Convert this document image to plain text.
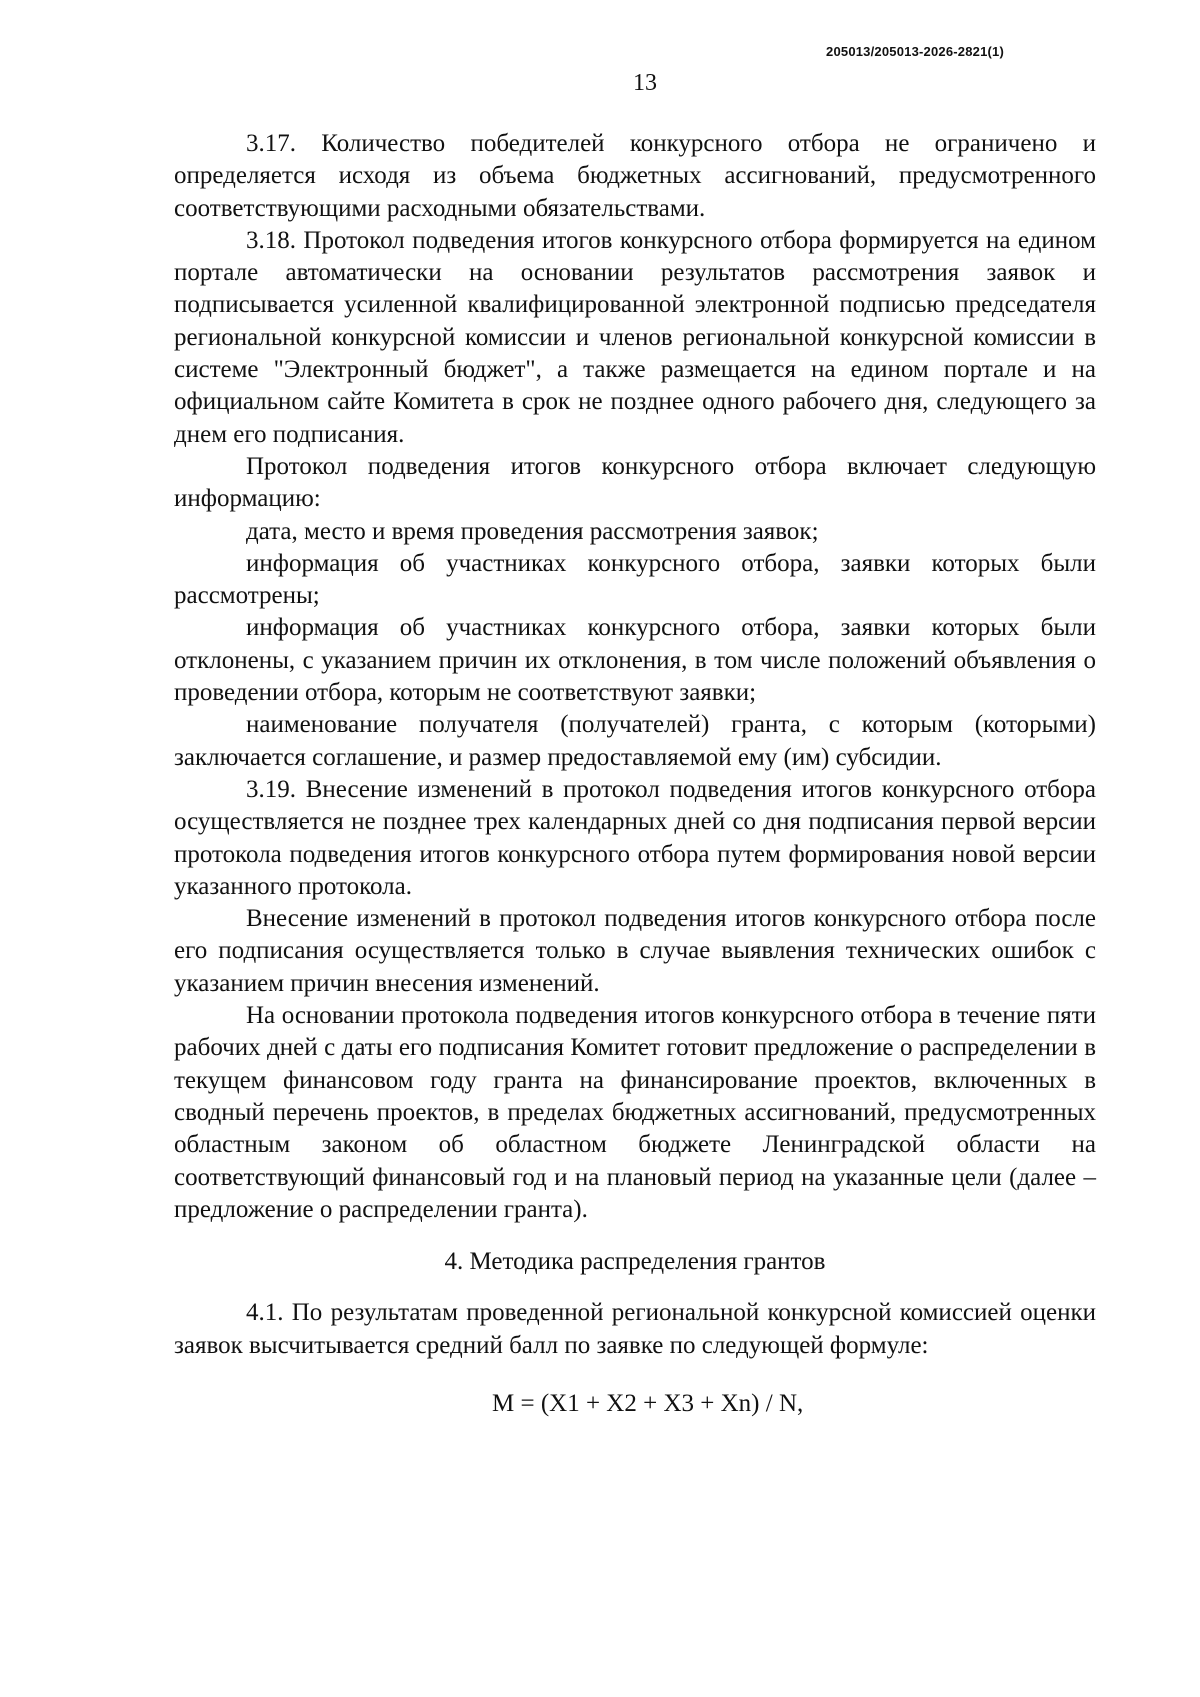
205013/205013-2026-2821(1)
13

3.17. Количество победителей конкурсного отбора не ограничено и определяется исходя из объема бюджетных ассигнований, предусмотренного соответствующими расходными обязательствами.

3.18. Протокол подведения итогов конкурсного отбора формируется на едином портале автоматически на основании результатов рассмотрения заявок и подписывается усиленной квалифицированной электронной подписью председателя региональной конкурсной комиссии и членов региональной конкурсной комиссии в системе "Электронный бюджет", а также размещается на едином портале и на официальном сайте Комитета в срок не позднее одного рабочего дня, следующего за днем его подписания.

Протокол подведения итогов конкурсного отбора включает следующую информацию:

дата, место и время проведения рассмотрения заявок;

информация об участниках конкурсного отбора, заявки которых были рассмотрены;

информация об участниках конкурсного отбора, заявки которых были отклонены, с указанием причин их отклонения, в том числе положений объявления о проведении отбора, которым не соответствуют заявки;

наименование получателя (получателей) гранта, с которым (которыми) заключается соглашение, и размер предоставляемой ему (им) субсидии.

3.19. Внесение изменений в протокол подведения итогов конкурсного отбора осуществляется не позднее трех календарных дней со дня подписания первой версии протокола подведения итогов конкурсного отбора путем формирования новой версии указанного протокола.

Внесение изменений в протокол подведения итогов конкурсного отбора после его подписания осуществляется только в случае выявления технических ошибок с указанием причин внесения изменений.

На основании протокола подведения итогов конкурсного отбора в течение пяти рабочих дней с даты его подписания Комитет готовит предложение о распределении в текущем финансовом году гранта на финансирование проектов, включенных в сводный перечень проектов, в пределах бюджетных ассигнований, предусмотренных областным законом об областном бюджете Ленинградской области на соответствующий финансовый год и на плановый период на указанные цели (далее – предложение о распределении гранта).

4. Методика распределения грантов

4.1. По результатам проведенной региональной конкурсной комиссией оценки заявок высчитывается средний балл по заявке по следующей формуле:

M = (X1 + X2 + X3 + Xn) / N,
